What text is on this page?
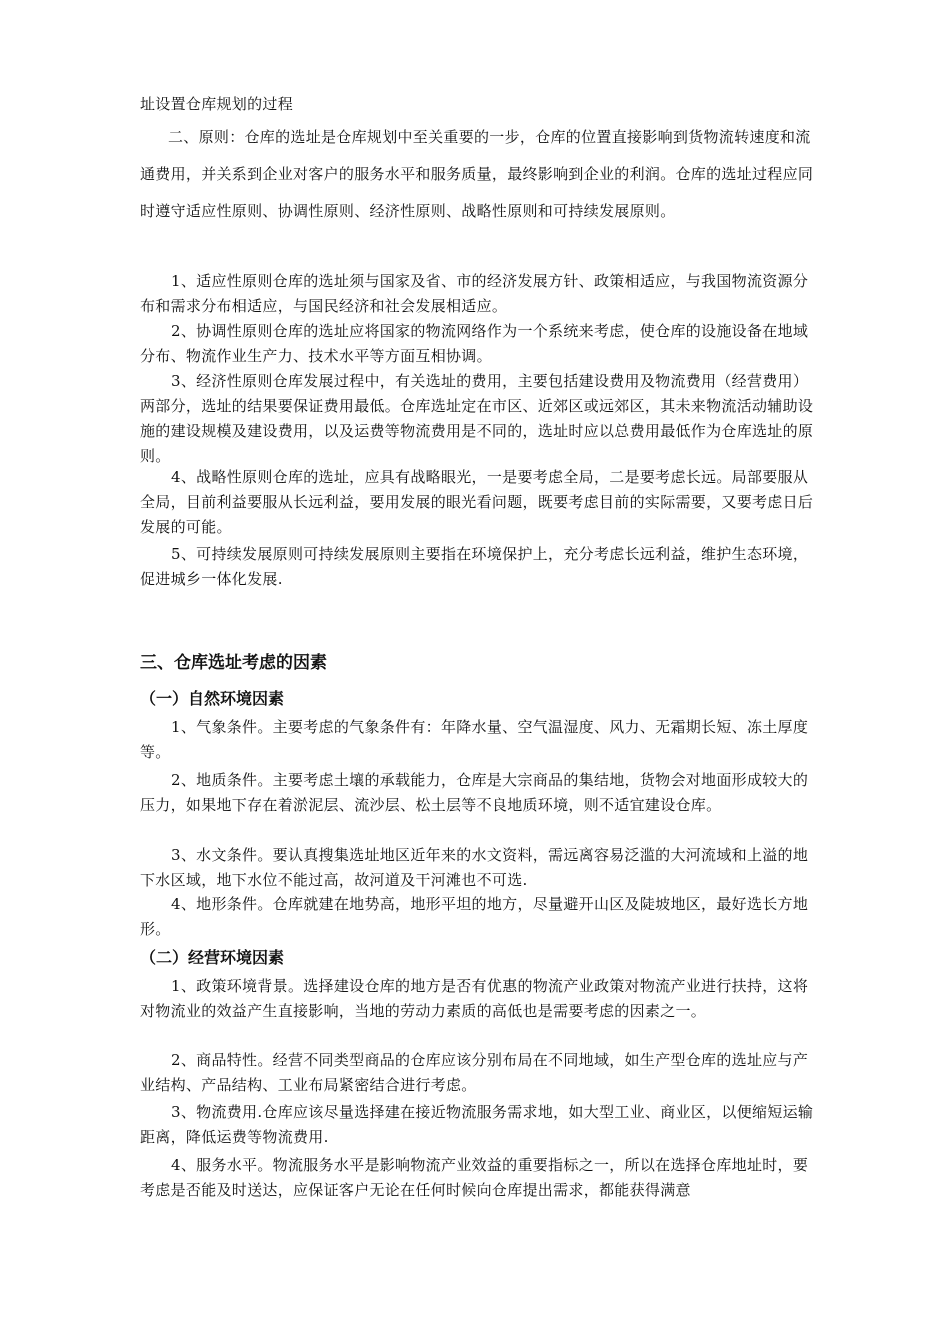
址设置仓库规划的过程

二、原则：仓库的选址是仓库规划中至关重要的一步，仓库的位置直接影响到货物流转速度和流通费用，并关系到企业对客户的服务水平和服务质量，最终影响到企业的利润。仓库的选址过程应同时遵守适应性原则、协调性原则、经济性原则、战略性原则和可持续发展原则。

1、适应性原则仓库的选址须与国家及省、市的经济发展方针、政策相适应，与我国物流资源分布和需求分布相适应，与国民经济和社会发展相适应。

2、协调性原则仓库的选址应将国家的物流网络作为一个系统来考虑，使仓库的设施设备在地域分布、物流作业生产力、技术水平等方面互相协调。

3、经济性原则仓库发展过程中，有关选址的费用，主要包括建设费用及物流费用（经营费用）两部分，选址的结果要保证费用最低。仓库选址定在市区、近郊区或远郊区，其未来物流活动辅助设施的建设规模及建设费用，以及运费等物流费用是不同的，选址时应以总费用最低作为仓库选址的原则。

4、战略性原则仓库的选址，应具有战略眼光，一是要考虑全局，二是要考虑长远。局部要服从全局，目前利益要服从长远利益，要用发展的眼光看问题，既要考虑目前的实际需要，又要考虑日后发展的可能。

5、可持续发展原则可持续发展原则主要指在环境保护上，充分考虑长远利益，维护生态环境，促进城乡一体化发展.

三、仓库选址考虑的因素
（一）自然环境因素

1、气象条件。主要考虑的气象条件有：年降水量、空气温湿度、风力、无霜期长短、冻土厚度等。

2、地质条件。主要考虑土壤的承载能力，仓库是大宗商品的集结地，货物会对地面形成较大的压力，如果地下存在着淤泥层、流沙层、松土层等不良地质环境，则不适宜建设仓库。

3、水文条件。要认真搜集选址地区近年来的水文资料，需远离容易泛滥的大河流域和上溢的地下水区域，地下水位不能过高，故河道及干河滩也不可选.

4、地形条件。仓库就建在地势高，地形平坦的地方，尽量避开山区及陡坡地区，最好选长方地形。

（二）经营环境因素

1、政策环境背景。选择建设仓库的地方是否有优惠的物流产业政策对物流产业进行扶持，这将对物流业的效益产生直接影响，当地的劳动力素质的高低也是需要考虑的因素之一。

2、商品特性。经营不同类型商品的仓库应该分别布局在不同地域，如生产型仓库的选址应与产业结构、产品结构、工业布局紧密结合进行考虑。

3、物流费用.仓库应该尽量选择建在接近物流服务需求地，如大型工业、商业区，以便缩短运输距离，降低运费等物流费用.

4、服务水平。物流服务水平是影响物流产业效益的重要指标之一，所以在选择仓库地址时，要考虑是否能及时送达，应保证客户无论在任何时候向仓库提出需求，都能获得满意
